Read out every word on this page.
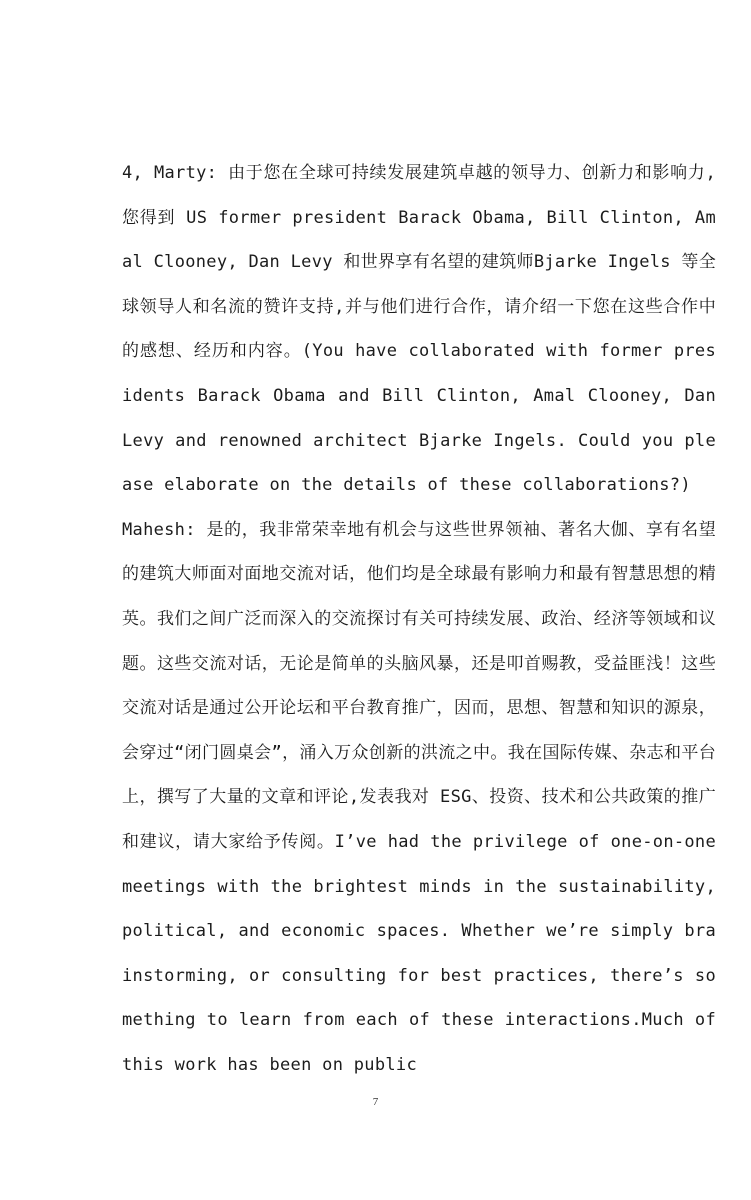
4, Marty: 由于您在全球可持续发展建筑卓越的领导力、创新力和影响力,您得到 US former president Barack Obama, Bill Clinton, Amal Clooney, Dan Levy 和世界享有名望的建筑师Bjarke Ingels 等全球领导人和名流的赞许支持,并与他们进行合作，请介绍一下您在这些合作中的感想、经历和内容。(You have collaborated with former presidents Barack Obama and Bill Clinton, Amal Clooney, Dan Levy and renowned architect Bjarke Ingels. Could you please elaborate on the details of these collaborations?)
Mahesh: 是的，我非常荣幸地有机会与这些世界领袖、著名大伽、享有名望的建筑大师面对面地交流对话，他们均是全球最有影响力和最有智慧思想的精英。我们之间广泛而深入的交流探讨有关可持续发展、政治、经济等领域和议题。这些交流对话，无论是简单的头脑风暴，还是叩首赐教，受益匪浅！这些交流对话是通过公开论坛和平台教育推广，因而，思想、智慧和知识的源泉，会穿过“闭门圆桌会”，涌入万众创新的洪流之中。我在国际传媒、杂志和平台上，撰写了大量的文章和评论,发表我对 ESG、投资、技术和公共政策的推广和建议，请大家给予传阅。I’ve had the privilege of one-on-one meetings with the brightest minds in the sustainability, political, and economic spaces. Whether we’re simply brainstorming, or consulting for best practices, there’s something to learn from each of these interactions.Much of this work has been on public

7
